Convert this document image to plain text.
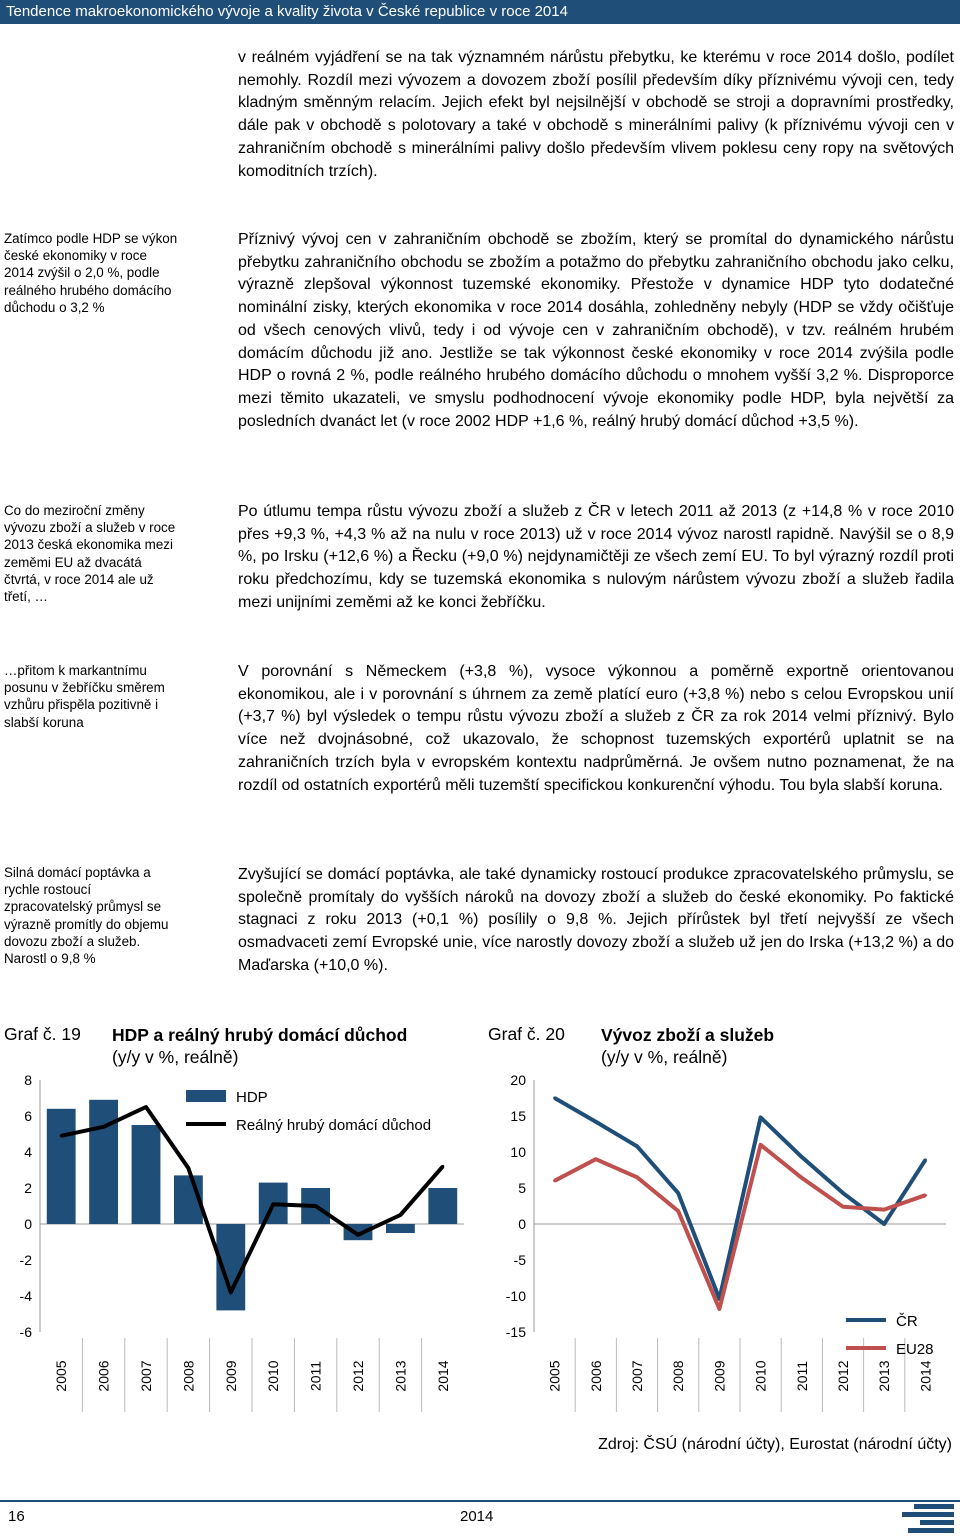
Tendence makroekonomického vývoje a kvality života v České republice v roce 2014

v reálném vyjádření se na tak významném nárůstu přebytku, ke kterému v roce 2014 došlo, podílet nemohly. Rozdíl mezi vývozem a dovozem zboží posílil především díky příznivému vývoji cen, tedy kladným směnným relacím. Jejich efekt byl nejsilnější v obchodě se stroji a dopravními prostředky, dále pak v obchodě s polotovary a také v obchodě s minerálními palivy (k příznivému vývoji cen v zahraničním obchodě s minerálními palivy došlo především vlivem poklesu ceny ropy na světových komoditních trzích).

Příznivý vývoj cen v zahraničním obchodě se zbožím, který se promítal do dynamického nárůstu přebytku zahraničního obchodu se zbožím a potažmo do přebytku zahraničního obchodu jako celku, výrazně zlepšoval výkonnost tuzemské ekonomiky. Přestože v dynamice HDP tyto dodatečné nominální zisky, kterých ekonomika v roce 2014 dosáhla, zohledněny nebyly (HDP se vždy očišťuje od všech cenových vlivů, tedy i od vývoje cen v zahraničním obchodě), v tzv. reálném hrubém domácím důchodu již ano. Jestliže se tak výkonnost české ekonomiky v roce 2014 zvýšila podle HDP o rovná 2 %, podle reálného hrubého domácího důchodu o mnohem vyšší 3,2 %. Disproporce mezi těmito ukazateli, ve smyslu podhodnocení vývoje ekonomiky podle HDP, byla největší za posledních dvanáct let (v roce 2002 HDP +1,6 %, reálný hrubý domácí důchod +3,5 %).

Po útlumu tempa růstu vývozu zboží a služeb z ČR v letech 2011 až 2013 (z +14,8 % v roce 2010 přes +9,3 %, +4,3 % až na nulu v roce 2013) už v roce 2014 vývoz narostl rapidně. Navýšil se o 8,9 %, po Irsku (+12,6 %) a Řecku (+9,0 %) nejdynamičtěji ze všech zemí EU. To byl výrazný rozdíl proti roku předchozímu, kdy se tuzemská ekonomika s nulovým nárůstem vývozu zboží a služeb řadila mezi unijními zeměmi až ke konci žebříčku.

V porovnání s Německem (+3,8 %), vysoce výkonnou a poměrně exportně orientovanou ekonomikou, ale i v porovnání s úhrnem za země platící euro (+3,8 %) nebo s celou Evropskou unií (+3,7 %) byl výsledek o tempu růstu vývozu zboží a služeb z ČR za rok 2014 velmi příznivý. Bylo více než dvojnásobné, což ukazovalo, že schopnost tuzemských exportérů uplatnit se na zahraničních trzích byla v evropském kontextu nadprůměrná. Je ovšem nutno poznamenat, že na rozdíl od ostatních exportérů měli tuzemští specifickou konkurenční výhodu. Tou byla slabší koruna.

Zvyšující se domácí poptávka, ale také dynamicky rostoucí produkce zpracovatelského průmyslu, se společně promítaly do vyšších nároků na dovozy zboží a služeb do české ekonomiky. Po faktické stagnaci z roku 2013 (+0,1 %) posílily o 9,8 %. Jejich přírůstek byl třetí nejvyšší ze všech osmadvaceti zemí Evropské unie, více narostly dovozy zboží a služeb už jen do Irska (+13,2 %) a do Maďarska (+10,0 %).

Zatímco podle HDP se výkon české ekonomiky v roce 2014 zvýšil o 2,0 %, podle reálného hrubého domácího důchodu o 3,2 %

Co do meziroční změny vývozu zboží a služeb v roce 2013 česká ekonomika mezi zeměmi EU až dvacátá čtvrtá, v roce 2014 ale už třetí, …

…přitom k markantnímu posunu v žebříčku směrem vzhůru přispěla pozitivně i slabší koruna

Silná domácí poptávka a rychle rostoucí zpracovatelský průmysl se výrazně promítly do objemu dovozu zboží a služeb. Narostl o 9,8 %

Graf č. 19 HDP a reálný hrubý domácí důchod
(y/y v %, reálně)
Graf č. 20 Vývoz zboží a služeb
(y/y v %, reálně)
8
6
4
2
0
-2
-4
-6
2005 2006 2007 2008 2009 2010 2011 2012 2013 2014
HDP
Reálný hrubý domácí důchod
20
15
10
5
0
-5
-10
-15
2005 2006 2007 2008 2009 2010 2011 2012 2013 2014
ČR
EU28
Zdroj: ČSÚ (národní účty), Eurostat (národní účty)
16	2014
